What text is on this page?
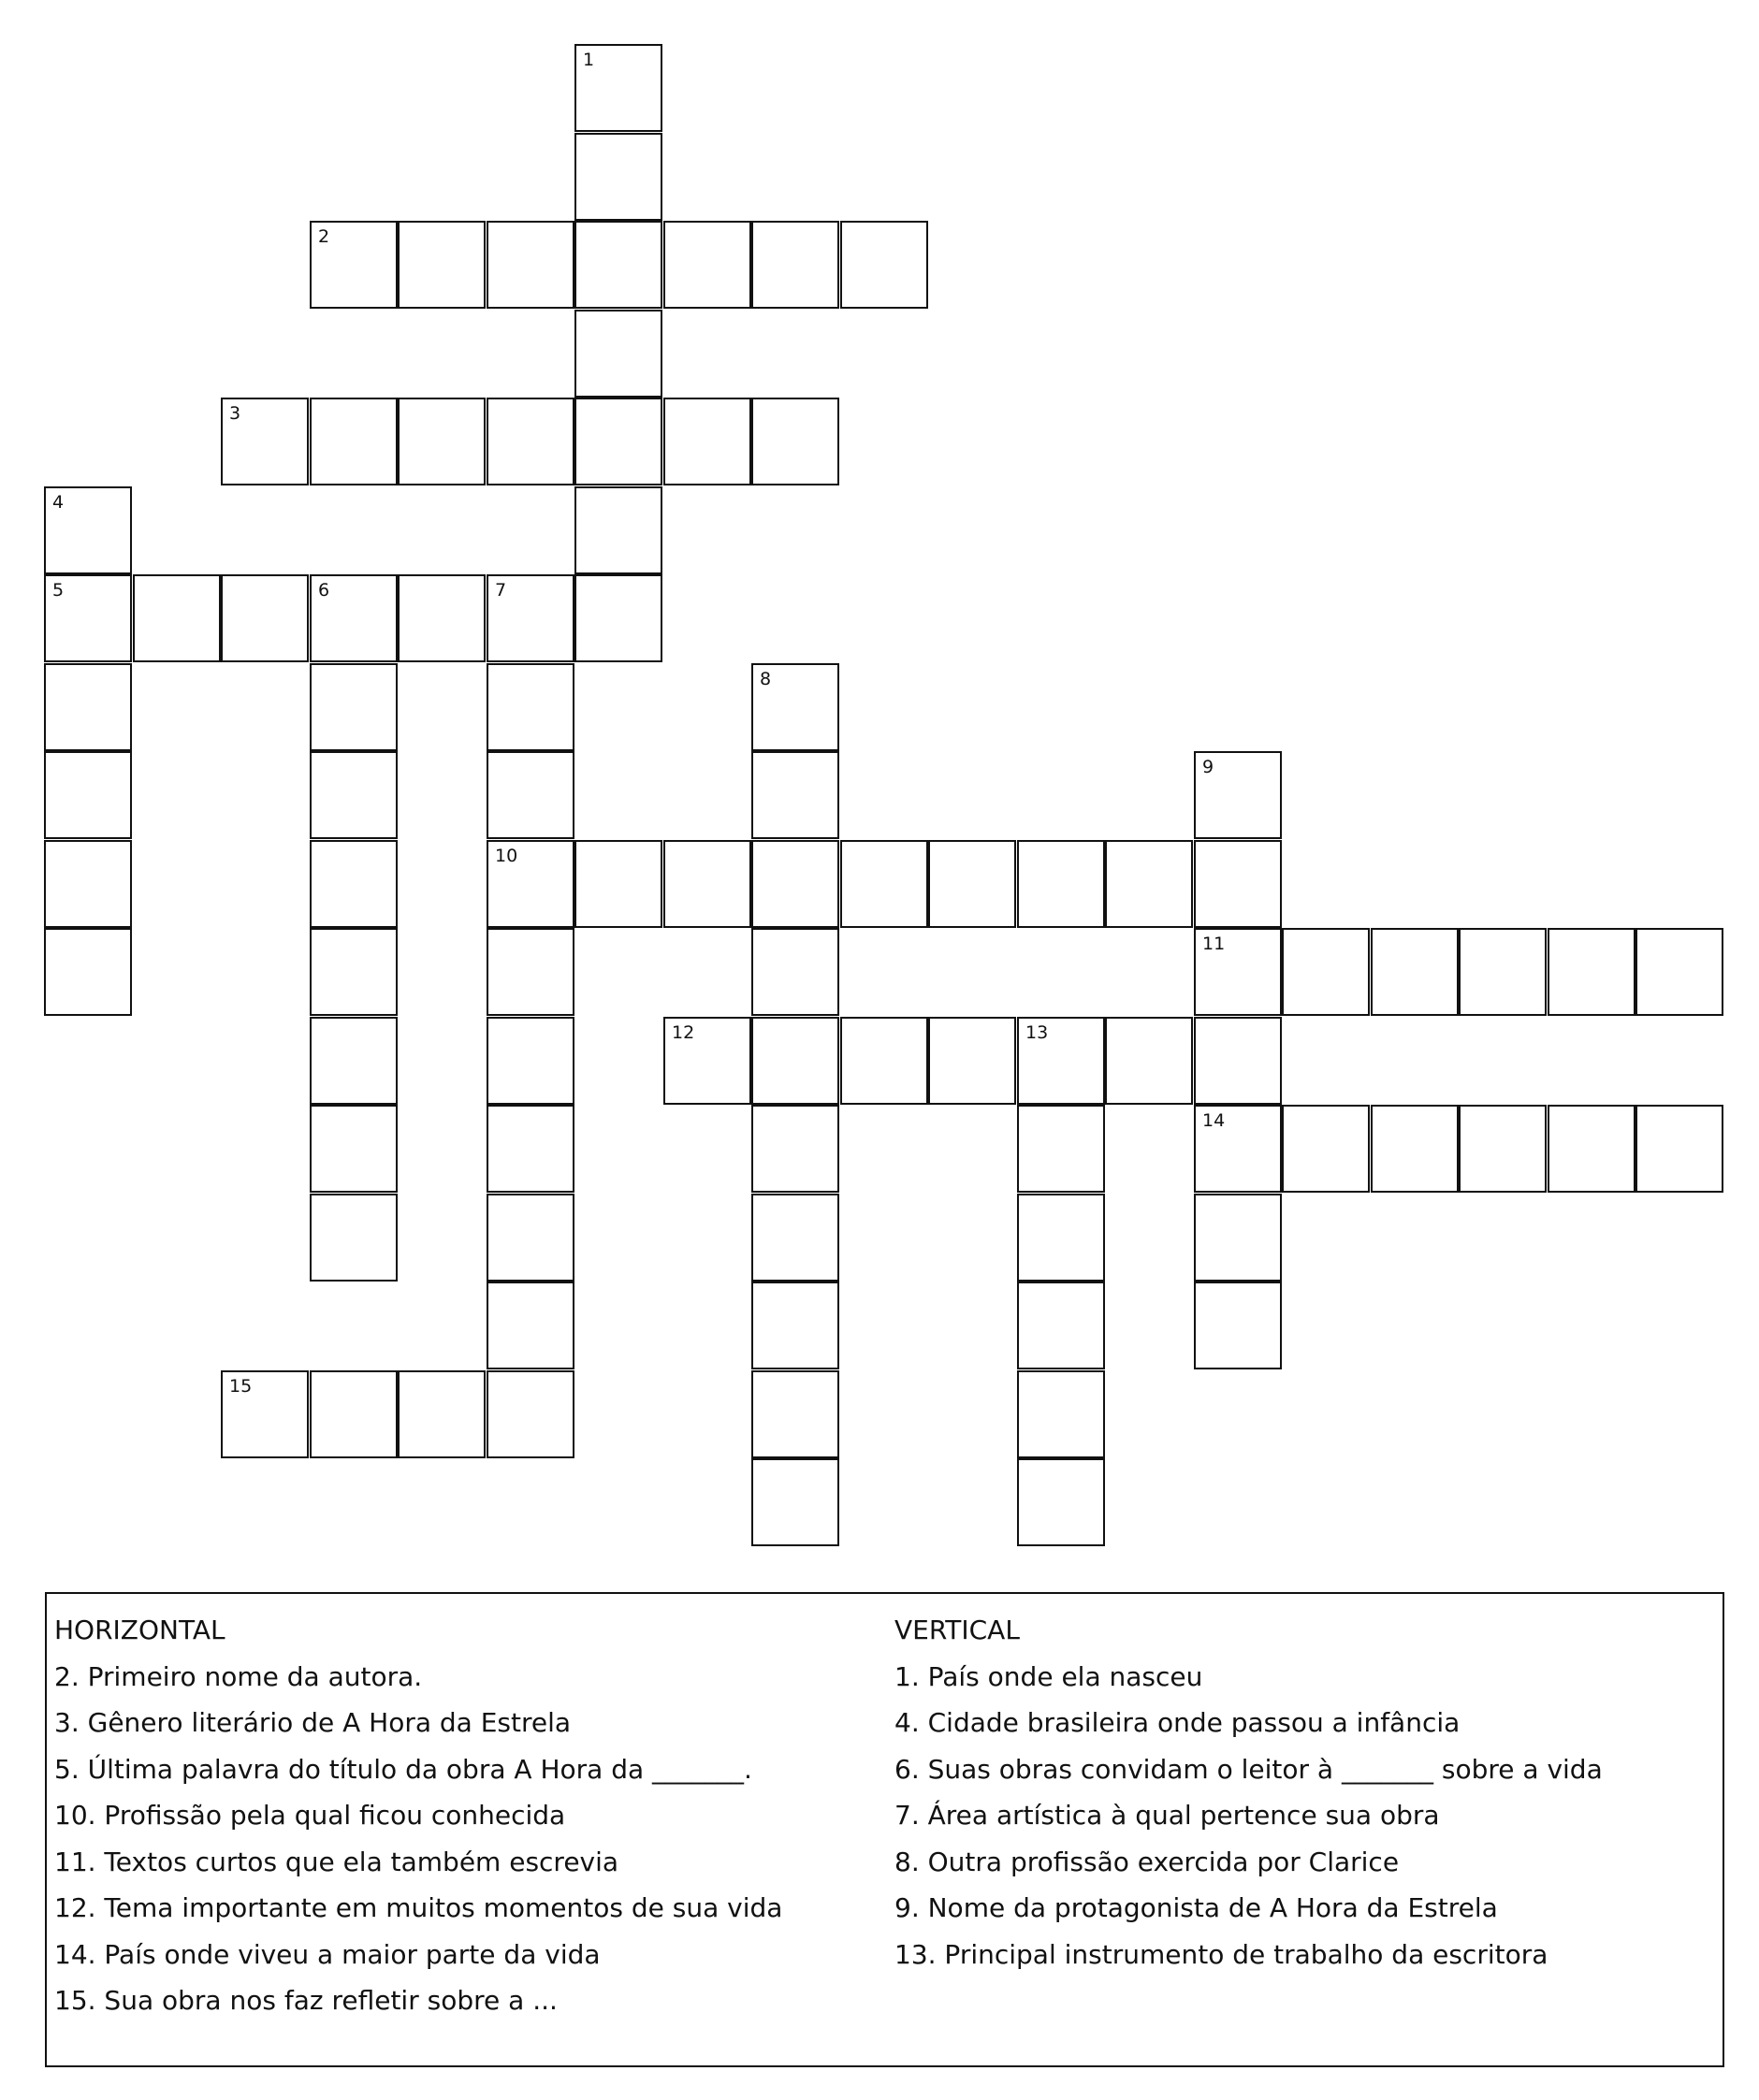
1
2
3
4
5	6	7
10
8
9
11
14
12	13
15
HORIZONTAL
2. Primeiro nome da autora.
3. Gênero literário de A Hora da Estrela
5. Última palavra do título da obra A Hora da _______.
10. Profissão pela qual ficou conhecida
11. Textos curtos que ela também escrevia
12. Tema importante em muitos momentos de sua vida
14. País onde viveu a maior parte da vida
15. Sua obra nos faz refletir sobre a ...
VERTICAL
1. País onde ela nasceu
4. Cidade brasileira onde passou a infância
6. Suas obras convidam o leitor à _______ sobre a vida
7. Área artística à qual pertence sua obra
8. Outra profissão exercida por Clarice
9. Nome da protagonista de A Hora da Estrela
13. Principal instrumento de trabalho da escritora
